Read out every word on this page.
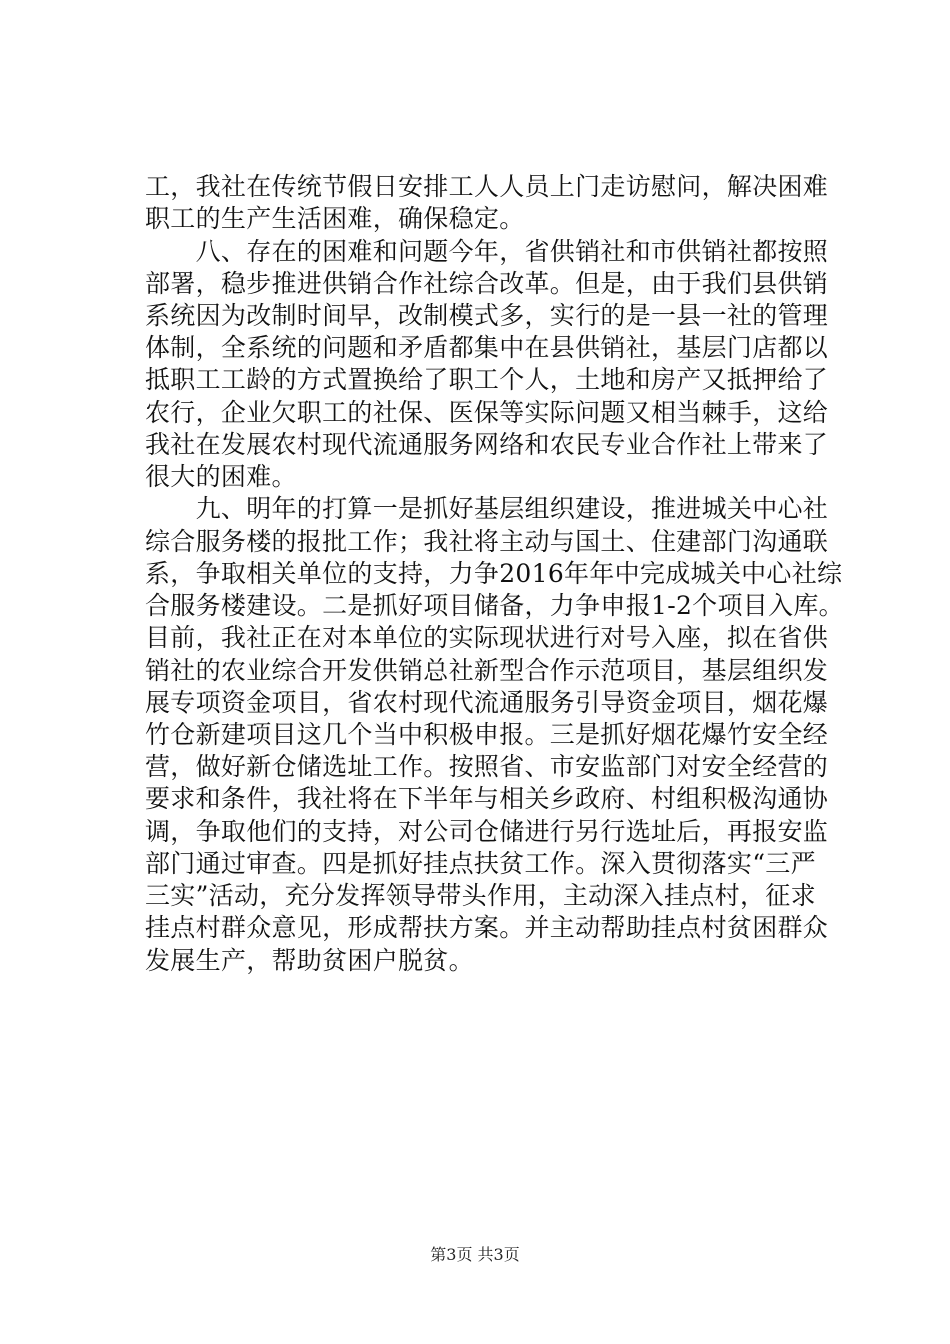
工，我社在传统节假日安排工人人员上门走访慰问，解决困难
职工的生产生活困难，确保稳定。
　　八、存在的困难和问题今年，省供销社和市供销社都按照
部署，稳步推进供销合作社综合改革。但是，由于我们县供销
系统因为改制时间早，改制模式多，实行的是一县一社的管理
体制，全系统的问题和矛盾都集中在县供销社，基层门店都以
抵职工工龄的方式置换给了职工个人，土地和房产又抵押给了
农行，企业欠职工的社保、医保等实际问题又相当棘手，这给
我社在发展农村现代流通服务网络和农民专业合作社上带来了
很大的困难。
　　九、明年的打算一是抓好基层组织建设，推进城关中心社
综合服务楼的报批工作；我社将主动与国土、住建部门沟通联
系，争取相关单位的支持，力争2016年年中完成城关中心社综
合服务楼建设。二是抓好项目储备，力争申报1-2个项目入库。
目前，我社正在对本单位的实际现状进行对号入座，拟在省供
销社的农业综合开发供销总社新型合作示范项目，基层组织发
展专项资金项目，省农村现代流通服务引导资金项目，烟花爆
竹仓新建项目这几个当中积极申报。三是抓好烟花爆竹安全经
营，做好新仓储选址工作。按照省、市安监部门对安全经营的
要求和条件，我社将在下半年与相关乡政府、村组积极沟通协
调，争取他们的支持，对公司仓储进行另行选址后，再报安监
部门通过审查。四是抓好挂点扶贫工作。深入贯彻落实“三严
三实”活动，充分发挥领导带头作用，主动深入挂点村，征求
挂点村群众意见，形成帮扶方案。并主动帮助挂点村贫困群众
发展生产，帮助贫困户脱贫。
第3页 共3页
